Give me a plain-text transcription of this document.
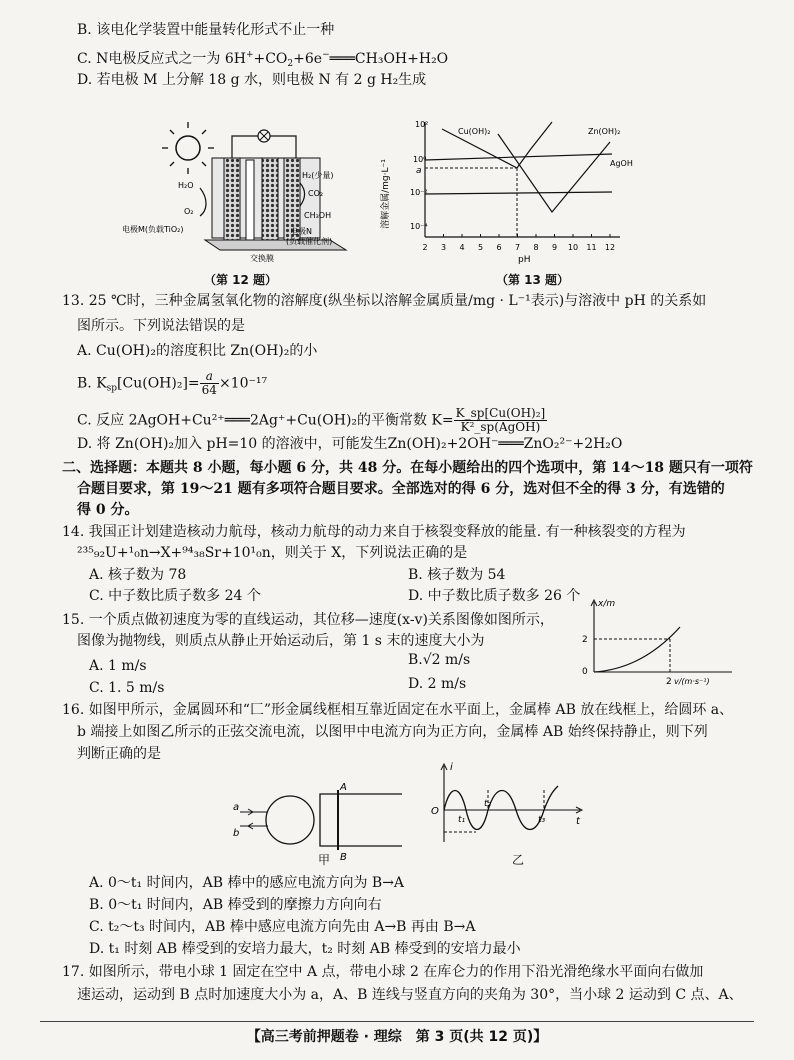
B. 该电化学装置中能量转化形式不止一种
C. N电极反应式之一为 $6H^++CO_2+6e^-═══CH_3OH+H_2O$
D. 若电极 M 上分解 18 g 水，则电极 N 有 2 g H₂生成
H₂(少量)
CO₂
CH₃OH
H₂O
O₂
电极M(负载TiO₂)	电极N
(负载催化剂)
交换膜
（第 12 题）
溶解金属/mg·L⁻¹
10²
10⁰
a
10⁻²
10⁻⁴
2 3 4 5 6 7 8 9 10 11 12
pH
Cu(OH)₂	Zn(OH)₂
AgOH
（第 13 题）
13. 25 ℃时，三种金属氢氧化物的溶解度(纵坐标以溶解金属质量/mg · L⁻¹表示)与溶液中 pH 的关系如
图所示。下列说法错误的是
A. Cu(OH)₂的溶度积比 Zn(OH)₂的小
B. $K_{sp}[Cu(OH)_2]= \frac{a}{64} \times 10^{-17}$
C. 反应 2AgOH+Cu²⁺═══2Ag⁺+Cu(OH)₂的平衡常数 $K= \frac{\text{K\_sp[Cu(OH)₂]}}{\text{K²\_sp(AgOH)}}$
D. 将 Zn(OH)₂加入 pH=10 的溶液中，可能发生Zn(OH)₂+2OH⁻═══ZnO₂²⁻+2H₂O
二、选择题：本题共 8 小题，每小题 6 分，共 48 分。在每小题给出的四个选项中，第 14～18 题只有一项符
合题目要求，第 19～21 题有多项符合题目要求。全部选对的得 6 分，选对但不全的得 3 分，有选错的
得 0 分。
14. 我国正计划建造核动力航母，核动力航母的动力来自于核裂变释放的能量. 有一种核裂变的方程为
²³⁵₉₂U+¹₀n→X+⁹⁴₃₈Sr+10¹₀n，则关于 X，下列说法正确的是
A. 核子数为 78	B. 核子数为 54
C. 中子数比质子数多 24 个	D. 中子数比质子数多 26 个
15. 一个质点做初速度为零的直线运动，其位移—速度(x-v)关系图像如图所示，
图像为抛物线，则质点从静止开始运动后，第 1 s 末的速度大小为
A. 1 m/s	B.√2 m/s
C. 1. 5 m/s	D. 2 m/s
x/m
0
2
2 v/(m·s⁻¹)
16. 如图甲所示，金属圆环和“匚”形金属线框相互靠近固定在水平面上，金属棒 AB 放在线框上，给圆环 a、
b 端接上如图乙所示的正弦交流电流，以图甲中电流方向为正方向，金属棒 AB 始终保持静止，则下列
判断正确的是
a
b
A
B
甲
i
O
t
t₁
t₂
t₃
乙
A. 0～t₁ 时间内，AB 棒中的感应电流方向为 B→A
B. 0～t₁ 时间内，AB 棒受到的摩擦力方向向右
C. t₂～t₃ 时间内，AB 棒中感应电流方向先由 A→B 再由 B→A
D. t₁ 时刻 AB 棒受到的安培力最大，t₂ 时刻 AB 棒受到的安培力最小
17. 如图所示，带电小球 1 固定在空中 A 点，带电小球 2 在库仑力的作用下沿光滑绝缘水平面向右做加
速运动，运动到 B 点时加速度大小为 a，A、B 连线与竖直方向的夹角为 30°，当小球 2 运动到 C 点、A、
【高三考前押题卷 · 理综　第 3 页(共 12 页)】
